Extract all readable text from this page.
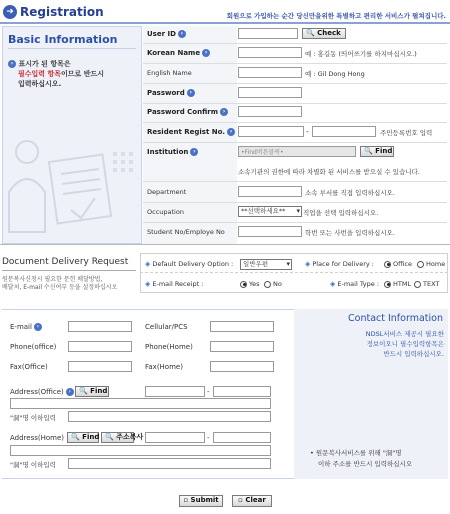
➜ Registration	회원으로 가입하는 순간 당신만을위한 특별하고 편리한 서비스가 펼쳐집니다.
Basic Information
› 표시가 된 항목은
필수입력 항목이므로 반드시
입력하십시오.
User ID ›	🔍 Check
Korean Name ›	예 : 홍길동 (띄어쓰기를 하지마십시오.)
English Name	예 : Gil Dong Hong
Password ›
Password Confirm ›
Resident Regist No. ›	-	주민등록번호 입력
Institution ›	•Find버튼클릭•	🔍 Find
소속기관의 권한에 따라 차별화 된 서비스를 받으실 수 있습니다.
Department	소속 부서를 직접 입력하십시오.
Occupation	**선택하세요** ▾	직업을 선택 입력하십시오.
Student No/Employe No	학번 또는 사번을 입력하십시오.
Document Delivery Request
원문복사신청시 필요한 문헌 배달방법,
배달처, E-mail 수신여부 등을 설정하십시오
◈ Default Delivery Option :	일반우편 ▾	◈ Place for Delivery :	Office	Home
◈ E-mail Receipt :	Yes	No	◈ E-mail Type :	HTML	TEXT
Contact Information
NDSL서비스 제공시 필요한
정보이오니 필수입력항목은
반드시 입력하십시오.
E-mail ›	Cellular/PCS
Phone(office)	Phone(Home)
Fax(Office)	Fax(Home)
Address(Office) ›	🔍 Find	-
"洞"명 이하입력
Address(Home) 🔍 Find 🔍 주소복사	-
"洞"명 이하입력
• 원문복사서비스를 위해 "洞"명
이하 주소를 반드시 입력하십시오
▫ Submit	▫ Clear
